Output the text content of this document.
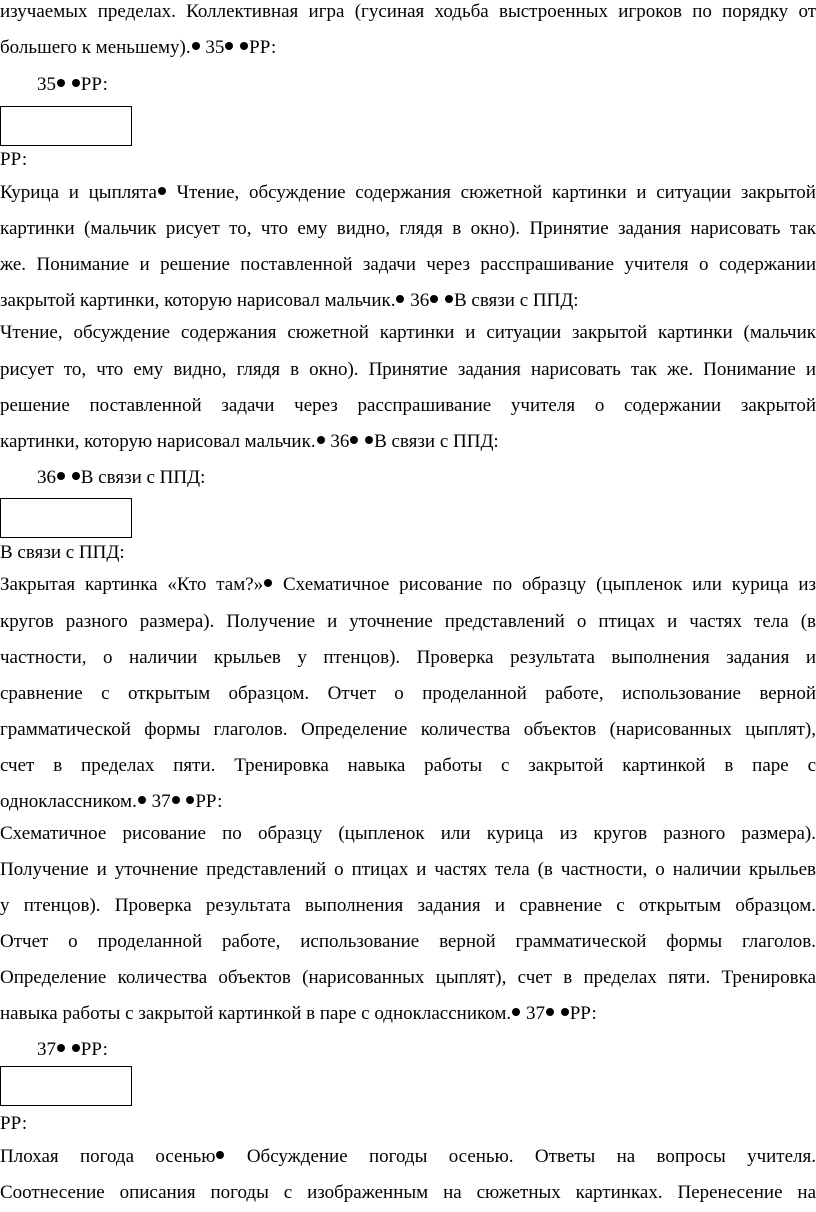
изучаемых пределах. Коллективная игра (гусиная ходьба выстроенных игроков по порядку от
большего к меньшему). 35 РР:
35 РР:
РР:
Курица и цыплята Чтение, обсуждение содержания сюжетной картинки и ситуации закрытой
картинки (мальчик рисует то, что ему видно, глядя в окно). Принятие задания нарисовать так
же. Понимание и решение поставленной задачи через расспрашивание учителя о содержании
закрытой картинки, которую нарисовал мальчик. 36 В связи с ППД:
Чтение, обсуждение содержания сюжетной картинки и ситуации закрытой картинки (мальчик
рисует то, что ему видно, глядя в окно). Принятие задания нарисовать так же. Понимание и
решение поставленной задачи через расспрашивание учителя о содержании закрытой
картинки, которую нарисовал мальчик. 36 В связи с ППД:
36 В связи с ППД:
В связи с ППД:
Закрытая картинка «Кто там?» Схематичное рисование по образцу (цыпленок или курица из
кругов разного размера). Получение и уточнение представлений о птицах и частях тела (в
частности, о наличии крыльев у птенцов). Проверка результата выполнения задания и
сравнение с открытым образцом. Отчет о проделанной работе, использование верной
грамматической формы глаголов. Определение количества объектов (нарисованных цыплят),
счет в пределах пяти. Тренировка навыка работы с закрытой картинкой в паре с
одноклассником. 37 РР:
Схематичное рисование по образцу (цыпленок или курица из кругов разного размера).
Получение и уточнение представлений о птицах и частях тела (в частности, о наличии крыльев
у птенцов). Проверка результата выполнения задания и сравнение с открытым образцом.
Отчет о проделанной работе, использование верной грамматической формы глаголов.
Определение количества объектов (нарисованных цыплят), счет в пределах пяти. Тренировка
навыка работы с закрытой картинкой в паре с одноклассником. 37 РР:
37 РР:
РР:
Плохая погода осенью Обсуждение погоды осенью. Ответы на вопросы учителя.
Соотнесение описания погоды с изображенным на сюжетных картинках. Перенесение на
